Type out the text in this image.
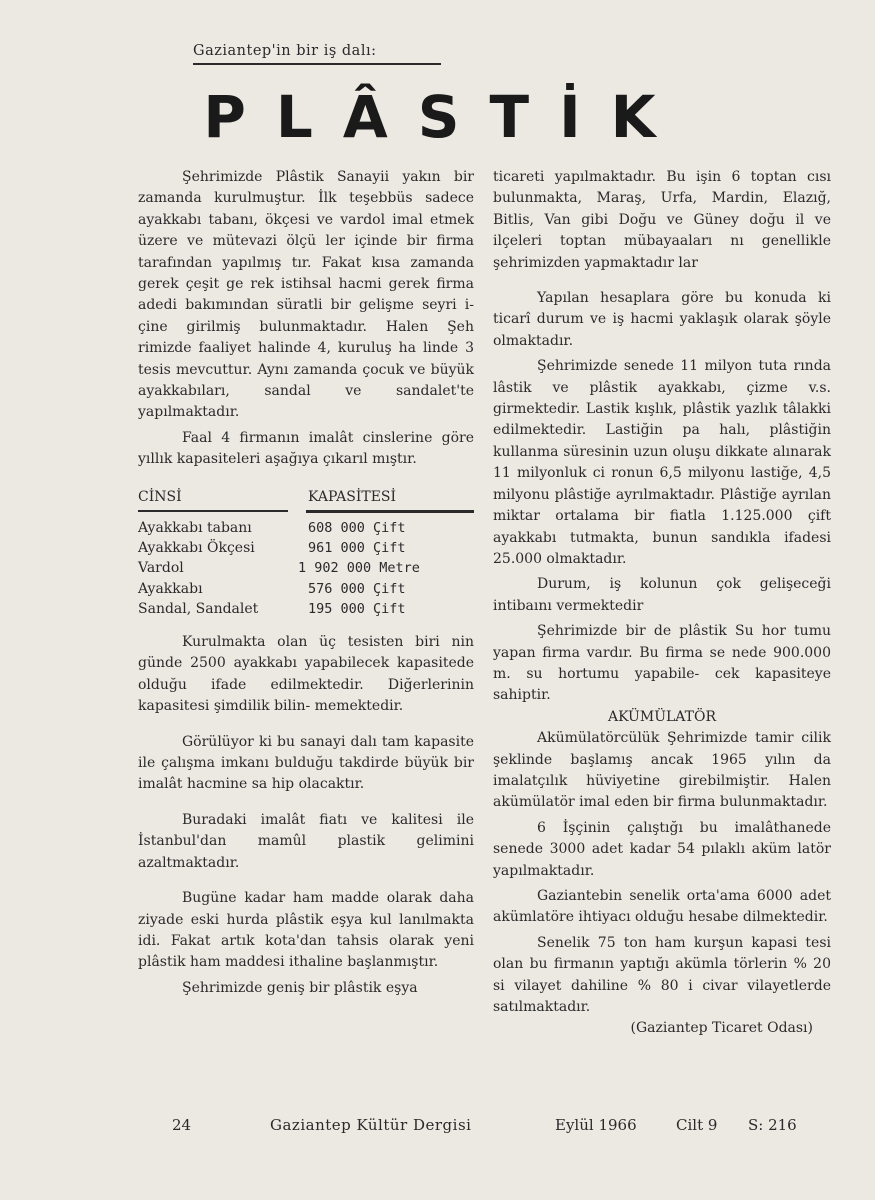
Gaziantep'in bir iş dalı:
PLÂSTİK

Şehrimizde Plâstik Sanayii yakın bir zamanda kurulmuştur. İlk teşebbüs sadece ayakkabı tabanı, ökçesi ve vardol imal etmek üzere ve mütevazi ölçü ler içinde bir firma tarafından yapılmış tır. Fakat kısa zamanda gerek çeşit ge rek istihsal hacmi gerek firma adedi bakımından süratli bir gelişme seyri i- çine girilmiş bulunmaktadır. Halen Şeh rimizde faaliyet halinde 4, kuruluş ha linde 3 tesis mevcuttur. Aynı zamanda çocuk ve büyük ayakkabıları, sandal ve sandalet'te yapılmaktadır.

Faal 4 firmanın imalât cinslerine göre yıllık kapasiteleri aşağıya çıkarıl mıştır.

CİNSİ	KAPASİTESİ
Ayakkabı tabanı	608 000 Çift
Ayakkabı Ökçesi	961 000 Çift
Vardol	1 902 000 Metre
Ayakkabı	576 000 Çift
Sandal, Sandalet	195 000 Çift

Kurulmakta olan üç tesisten biri nin günde 2500 ayakkabı yapabilecek kapasitede olduğu ifade edilmektedir. Diğerlerinin kapasitesi şimdilik bilin- memektedir.

Görülüyor ki bu sanayi dalı tam kapasite ile çalışma imkanı bulduğu takdirde büyük bir imalât hacmine sa hip olacaktır.

Buradaki imalât fiatı ve kalitesi ile İstanbul'dan mamûl plastik gelimini azaltmaktadır.

Bugüne kadar ham madde olarak daha ziyade eski hurda plâstik eşya kul lanılmakta idi. Fakat artık kota'dan tahsis olarak yeni plâstik ham maddesi ithaline başlanmıştır.

Şehrimizde geniş bir plâstik eşya

ticareti yapılmaktadır. Bu işin 6 toptan cısı bulunmakta, Maraş, Urfa, Mardin, Elazığ, Bitlis, Van gibi Doğu ve Güney doğu il ve ilçeleri toptan mübayaaları nı genellikle şehrimizden yapmaktadır lar

Yapılan hesaplara göre bu konuda ki ticarî durum ve iş hacmi yaklaşık olarak şöyle olmaktadır.

Şehrimizde senede 11 milyon tuta rında lâstik ve plâstik ayakkabı, çizme v.s. girmektedir. Lastik kışlık, plâstik yazlık tâlakki edilmektedir. Lastiğin pa halı, plâstiğin kullanma süresinin uzun oluşu dikkate alınarak 11 milyonluk ci ronun 6,5 milyonu lastiğe, 4,5 milyonu plâstiğe ayrılmaktadır. Plâstiğe ayrılan miktar ortalama bir fiatla 1.125.000 çift ayakkabı tutmakta, bunun sandıkla ifadesi 25.000 olmaktadır.

Durum, iş kolunun çok gelişeceği intibaını vermektedir

Şehrimizde bir de plâstik Su hor tumu yapan firma vardır. Bu firma se nede 900.000 m. su hortumu yapabile- cek kapasiteye sahiptir.

AKÜMÜLATÖR

Akümülatörcülük Şehrimizde tamir cilik şeklinde başlamış ancak 1965 yılın da imalatçılık hüviyetine girebilmiştir. Halen akümülatör imal eden bir firma bulunmaktadır.

6 İşçinin çalıştığı bu imalâthanede senede 3000 adet kadar 54 pılaklı aküm latör yapılmaktadır.

Gaziantebin senelik orta'ama 6000 adet akümlatöre ihtiyacı olduğu hesabe dilmektedir.

Senelik 75 ton ham kurşun kapasi tesi olan bu firmanın yaptığı akümla törlerin % 20 si vilayet dahiline % 80 i civar vilayetlerde satılmaktadır.

(Gaziantep Ticaret Odası)

24	Gaziantep Kültür Dergisi	Eylül 1966	Cilt 9 S: 216
